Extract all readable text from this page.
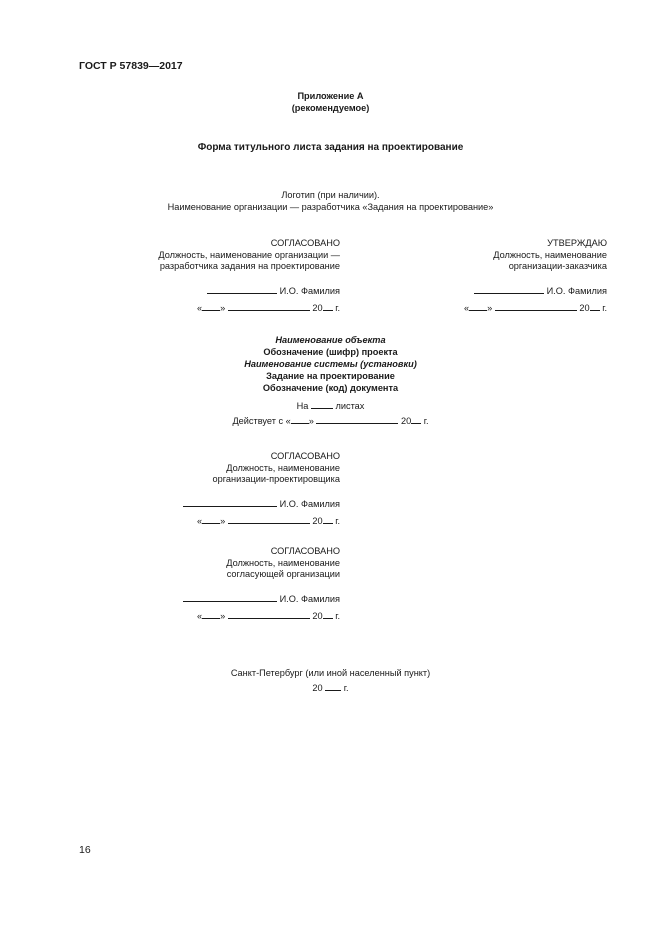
ГОСТ Р 57839—2017
Приложение А
(рекомендуемое)
Форма титульного листа задания на проектирование
Логотип (при наличии).
Наименование организации — разработчика «Задания на проектирование»
СОГЛАСОВАНО
Должность, наименование организации —
разработчика задания на проектирование
И.О. Фамилия
« »	20 г.
УТВЕРЖДАЮ
Должность, наименование
организации-заказчика
И.О. Фамилия
« »	20 г.
Наименование объекта
Обозначение (шифр) проекта
Наименование системы (установки)
Задание на проектирование
Обозначение (код) документа
На	листах
Действует с « »	20 г.
СОГЛАСОВАНО
Должность, наименование
организации-проектировщика
И.О. Фамилия
« »	20 г.
СОГЛАСОВАНО
Должность, наименование
согласующей организации
И.О. Фамилия
« »	20 г.
Санкт-Петербург (или иной населенный пункт)
20 г.
16
